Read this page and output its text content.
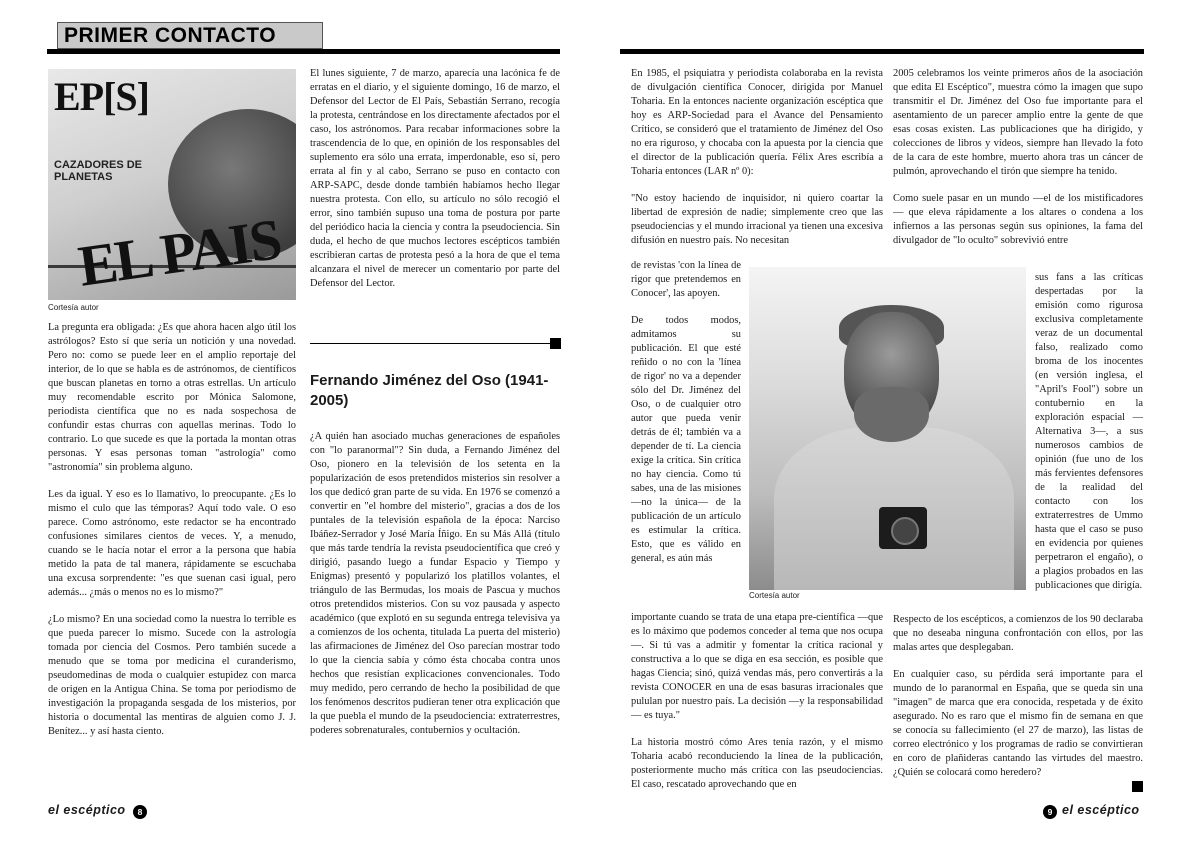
PRIMER CONTACTO
EP[S]
CAZADORES DE PLANETAS
EL PAIS
Cortesía autor

La pregunta era obligada: ¿Es que ahora hacen algo útil los astrólogos? Esto sí que sería un notición y una novedad. Pero no: como se puede leer en el amplio reportaje del interior, de lo que se habla es de astrónomos, de científicos que buscan planetas en torno a otras estrellas. Un artículo muy recomendable escrito por Mónica Salomone, periodista científica que no es nada sospechosa de confundir estas churras con aquellas merinas. Todo lo contrario. Lo que sucede es que la portada la montan otras personas. Y esas personas toman "astrología" como "astronomía" sin problema alguno.

Les da igual. Y eso es lo llamativo, lo preocupante. ¿Es lo mismo el culo que las témporas? Aquí todo vale. O eso parece. Como astrónomo, este redactor se ha encontrado confusiones similares cientos de veces. Y, a menudo, cuando se le hacía notar el error a la persona que había metido la pata de tal manera, rápidamente se escuchaba una excusa sorprendente: "es que suenan casi igual, pero además... ¿más o menos no es lo mismo?"

¿Lo mismo? En una sociedad como la nuestra lo terrible es que pueda parecer lo mismo. Sucede con la astrología tomada por ciencia del Cosmos. Pero también sucede a menudo que se toma por medicina el curanderismo, pseudomedinas de moda o cualquier estupidez con marca de origen en la Antigua China. Se toma por periodismo de investigación la propaganda sesgada de los misterios, por historia o documental las mentiras de alguien como J. J. Benítez... y así hasta ciento.

El lunes siguiente, 7 de marzo, aparecía una lacónica fe de erratas en el diario, y el siguiente domingo, 16 de marzo, el Defensor del Lector de El País, Sebastián Serrano, recogía la protesta, centrándose en los directamente afectados por el caso, los astrónomos. Para recabar informaciones sobre la trascendencia de lo que, en opinión de los responsables del suplemento era sólo una errata, imperdonable, eso sí, pero errata al fin y al cabo, Serrano se puso en contacto con ARP-SAPC, desde donde también habíamos hecho llegar nuestra protesta. Con ello, su artículo no sólo recogió el error, sino también supuso una toma de postura por parte del periódico hacia la ciencia y contra la pseudociencia. Sin duda, el hecho de que muchos lectores escépticos también escribieran cartas de protesta pesó a la hora de que el tema alcanzara el nivel de merecer un comentario por parte del Defensor del Lector.

Fernando Jiménez del Oso (1941-2005)

¿A quién han asociado muchas generaciones de españoles con "lo paranormal"? Sin duda, a Fernando Jiménez del Oso, pionero en la televisión de los setenta en la popularización de esos pretendidos misterios sin resolver a los que dedicó gran parte de su vida. En 1976 se comenzó a convertir en "el hombre del misterio", gracias a dos de los puntales de la televisión española de la época: Narciso Ibáñez-Serrador y José María Íñigo. En su Más Allá (título que más tarde tendría la revista pseudocientífica que creó y dirigió, pasando luego a fundar Espacio y Tiempo y Enigmas) presentó y popularizó los platillos volantes, el triángulo de las Bermudas, los moais de Pascua y muchos otros pretendidos misterios. Con su voz pausada y aspecto académico (que explotó en su segunda entrega televisiva ya a comienzos de los ochenta, titulada La puerta del misterio) las afirmaciones de Jiménez del Oso parecían mostrar todo lo que la ciencia sabía y cómo ésta chocaba contra unos hechos que resistían explicaciones convencionales. Todo muy medido, pero cerrando de hecho la posibilidad de que los fenómenos descritos pudieran tener otra explicación que la que puebla el mundo de la pseudociencia: extraterrestres, poderes sobrenaturales, contubernios y ocultación.

En 1985, el psiquiatra y periodista colaboraba en la revista de divulgación científica Conocer, dirigida por Manuel Toharia. En la entonces naciente organización escéptica que hoy es ARP-Sociedad para el Avance del Pensamiento Crítico, se consideró que el tratamiento de Jiménez del Oso no era riguroso, y chocaba con la apuesta por la ciencia que el director de la publicación quería. Félix Ares escribía a Toharia entonces (LAR nº 0):

"No estoy haciendo de inquisidor, ni quiero coartar la libertad de expresión de nadie; simplemente creo que las pseudociencias y el mundo irracional ya tienen una excesiva difusión en nuestro país. No necesitan

de revistas 'con la línea de rigor que pretendemos en Conocer', las apoyen.

De todos modos, admitamos su publicación. El que esté reñido o no con la 'línea de rigor' no va a depender sólo del Dr. Jiménez del Oso, o de cualquier otro autor que pueda venir detrás de él; también va a depender de tí. La ciencia exige la crítica. Sin crítica no hay ciencia. Como tú sabes, una de las misiones —no la única— de la publicación de un artículo es estimular la crítica. Esto, que es válido en general, es aún más

importante cuando se trata de una etapa pre-científica —que es lo máximo que podemos conceder al tema que nos ocupa—. Si tú vas a admitir y fomentar la crítica racional y constructiva a lo que se diga en esa sección, es posible que hagas Ciencia; sinó, quizá vendas más, pero convertirás a la revista CONOCER en una de esas basuras irracionales que pululan por nuestro país. La decisión —y la responsabilidad— es tuya."

La historia mostró cómo Ares tenía razón, y el mismo Toharia acabó reconduciendo la línea de la publicación, posteriormente mucho más crítica con las pseudociencias. El caso, rescatado aprovechando que en

Cortesía autor

2005 celebramos los veinte primeros años de la asociación que edita El Escéptico", muestra cómo la imagen que supo transmitir el Dr. Jiménez del Oso fue importante para el asentamiento de un parecer amplio entre la gente de que esas cosas existen. Las publicaciones que ha dirigido, y colecciones de libros y vídeos, siempre han llevado la foto de la cara de este hombre, muerto ahora tras un cáncer de pulmón, aprovechando el tirón que siempre ha tenido.

Como suele pasar en un mundo —el de los mistificadores— que eleva rápidamente a los altares o condena a los infiernos a las personas según sus opiniones, la fama del divulgador de "lo oculto" sobrevivió entre

sus fans a las críticas despertadas por la emisión como rigurosa exclusiva completamente veraz de un documental falso, realizado como broma de los inocentes (en versión inglesa, el "April's Fool") sobre un contubernio en la exploración espacial —Alternativa 3—, a sus numerosos cambios de opinión (fue uno de los más fervientes defensores de la realidad del contacto con los extraterrestres de Ummo hasta que el caso se puso en evidencia por quienes perpetraron el engaño), o a plagios probados en las publicaciones que dirigía.

Respecto de los escépticos, a comienzos de los 90 declaraba que no deseaba ninguna confrontación con ellos, por las malas artes que desplegaban.

En cualquier caso, su pérdida será importante para el mundo de lo paranormal en España, que se queda sin una "imagen" de marca que era conocida, respetada y de éxito asegurado. No es raro que el mismo fin de semana en que se conocía su fallecimiento (el 27 de marzo), las listas de correo electrónico y los programas de radio se convirtieran en coro de plañideras cantando las virtudes del maestro. ¿Quién se colocará como heredero?

el escéptico	8	9 el escéptico
